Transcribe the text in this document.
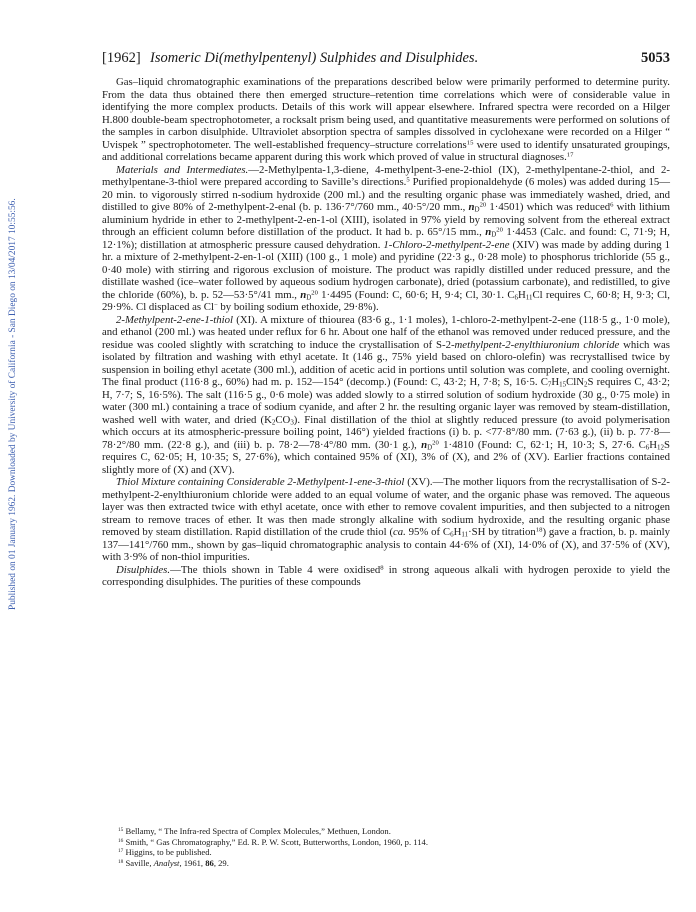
Published on 01 January 1962. Downloaded by University of California - San Diego on 13/04/2017 10:55:56.
[1962] Isomeric Di(methylpentenyl) Sulphides and Disulphides.	5053

Gas–liquid chromatographic examinations of the preparations described below were primarily performed to determine purity. From the data thus obtained there then emerged structure–retention time correlations which were of considerable value in identifying the more complex products. Details of this work will appear elsewhere. Infrared spectra were recorded on a Hilger H.800 double-beam spectrophotometer, a rocksalt prism being used, and quantitative measurements were performed on solutions of the samples in carbon disulphide. Ultraviolet absorption spectra of samples dissolved in cyclohexane were recorded on a Hilger “ Uvispek ” spectrophotometer. The well-established frequency–structure correlations$^{15}$ were used to identify unsaturated groupings, and additional correlations became apparent during this work which proved of value in structural diagnoses.$^{17}$

Materials and Intermediates.—2-Methylpenta-1,3-diene, 4-methylpent-3-ene-2-thiol (IX), 2-methylpentane-2-thiol, and 2-methylpentane-3-thiol were prepared according to Saville’s directions.$^5$ Purified propionaldehyde (6 moles) was added during 15—20 min. to vigorously stirred n-sodium hydroxide (200 ml.) and the resulting organic phase was immediately washed, dried, and distilled to give 80% of 2-methylpent-2-enal (b. p. 136·7°/760 mm., 40·5°/20 mm., $n_D^{20}$ 1·4501) which was reduced$^6$ with lithium aluminium hydride in ether to 2-methylpent-2-en-1-ol (XIII), isolated in 97% yield by removing solvent from the ethereal extract through an efficient column before distillation of the product. It had b. p. 65°/15 mm., $n_D^{20}$ 1·4453 (Calc. and found: C, 71·9; H, 12·1%); distillation at atmospheric pressure caused dehydration. 1-Chloro-2-methylpent-2-ene (XIV) was made by adding during 1 hr. a mixture of 2-methylpent-2-en-1-ol (XIII) (100 g., 1 mole) and pyridine (22·3 g., 0·28 mole) to phosphorus trichloride (55 g., 0·40 mole) with stirring and rigorous exclusion of moisture. The product was rapidly distilled under reduced pressure, and the distillate washed (ice–water followed by aqueous sodium hydrogen carbonate), dried (potassium carbonate), and redistilled, to give the chloride (60%), b. p. 52—53·5°/41 mm., $n_D^{20}$ 1·4495 (Found: C, 60·6; H, 9·4; Cl, 30·1. $C_6H_{11}Cl$ requires C, 60·8; H, 9·3; Cl, 29·9%. Cl displaced as Cl− by boiling sodium ethoxide, 29·8%).

2-Methylpent-2-ene-1-thiol (XI). A mixture of thiourea (83·6 g., 1·1 moles), 1-chloro-2-methylpent-2-ene (118·5 g., 1·0 mole), and ethanol (200 ml.) was heated under reflux for 6 hr. About one half of the ethanol was removed under reduced pressure, and the residue was cooled slightly with scratching to induce the crystallisation of S-2-methylpent-2-enylthiuronium chloride which was isolated by filtration and washing with ethyl acetate. It (146 g., 75% yield based on chloro-olefin) was recrystallised twice by suspension in boiling ethyl acetate (300 ml.), addition of acetic acid in portions until solution was complete, and cooling overnight. The final product (116·8 g., 60%) had m. p. 152—154° (decomp.) (Found: C, 43·2; H, 7·8; S, 16·5. $C_7H_{15}ClN_2S$ requires C, 43·2; H, 7·7; S, 16·5%). The salt (116·5 g., 0·6 mole) was added slowly to a stirred solution of sodium hydroxide (30 g., 0·75 mole) in water (300 ml.) containing a trace of sodium cyanide, and after 2 hr. the resulting organic layer was removed by steam-distillation, washed well with water, and dried $(K_2CO_3)$. Final distillation of the thiol at slightly reduced pressure (to avoid polymerisation which occurs at its atmospheric-pressure boiling point, 146°) yielded fractions (i) b. p. <77·8°/80 mm. (7·63 g.), (ii) b. p. 77·8—78·2°/80 mm. (22·8 g.), and (iii) b. p. 78·2—78·4°/80 mm. (30·1 g.), $n_D^{20}$ 1·4810 (Found: C, 62·1; H, 10·3; S, 27·6. $C_6H_{12}S$ requires C, 62·05; H, 10·35; S, 27·6%), which contained 95% of (XI), 3% of (X), and 2% of (XV). Earlier fractions contained slightly more of (X) and (XV).

Thiol Mixture containing Considerable 2-Methylpent-1-ene-3-thiol (XV).—The mother liquors from the recrystallisation of S-2-methylpent-2-enylthiuronium chloride were added to an equal volume of water, and the organic phase was removed. The aqueous layer was then extracted twice with ethyl acetate, once with ether to remove covalent impurities, and then subjected to a nitrogen stream to remove traces of ether. It was then made strongly alkaline with sodium hydroxide, and the resulting organic phase removed by steam distillation. Rapid distillation of the crude thiol (ca. 95% of $C_6H_{11}\cdot SH$ by titration$^{18}$) gave a fraction, b. p. mainly 137—141°/760 mm., shown by gas–liquid chromatographic analysis to contain 44·6% of (XI), 14·0% of (X), and 37·5% of (XV), with 3·9% of non-thiol impurities.

Disulphides.—The thiols shown in Table 4 were oxidised$^8$ in strong aqueous alkali with hydrogen peroxide to yield the corresponding disulphides. The purities of these compounds

$^{15}$ Bellamy, “ The Infra-red Spectra of Complex Molecules,” Methuen, London.
$^{16}$ Smith, “ Gas Chromatography,” Ed. R. P. W. Scott, Butterworths, London, 1960, p. 114.
$^{17}$ Higgins, to be published.
$^{18}$ Saville, Analyst, 1961, 86, 29.
